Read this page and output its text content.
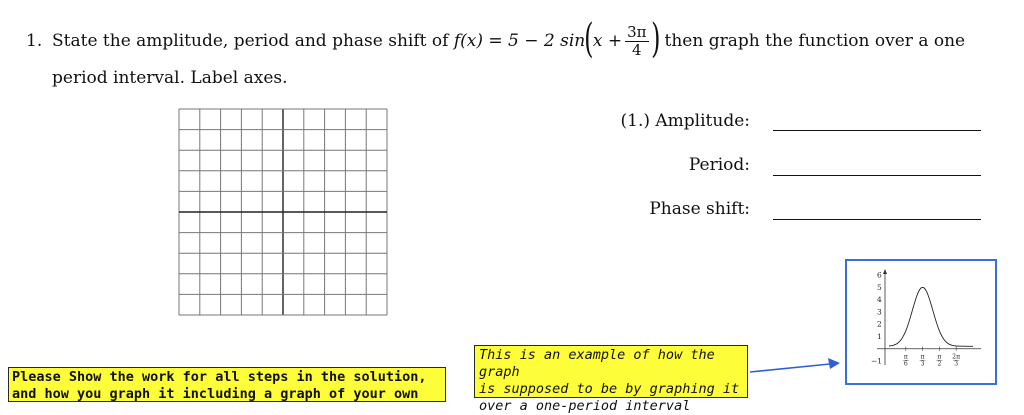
1. State the amplitude, period and phase shift of f(x) = 5 − 2 $\sin(x + \frac{3\pi}{4}$ ) then graph the function over a one
period interval. Label axes.
(1.) Amplitude:
Period:
Phase shift:
Please Show the work for all steps in the solution,
and how you graph it including a graph of your own
This is an example of how the graph
is supposed to be by graphing it
over a one-period interval
6
5
4
3
2
1
−1	π
6
π
3
π
2
2π
3
